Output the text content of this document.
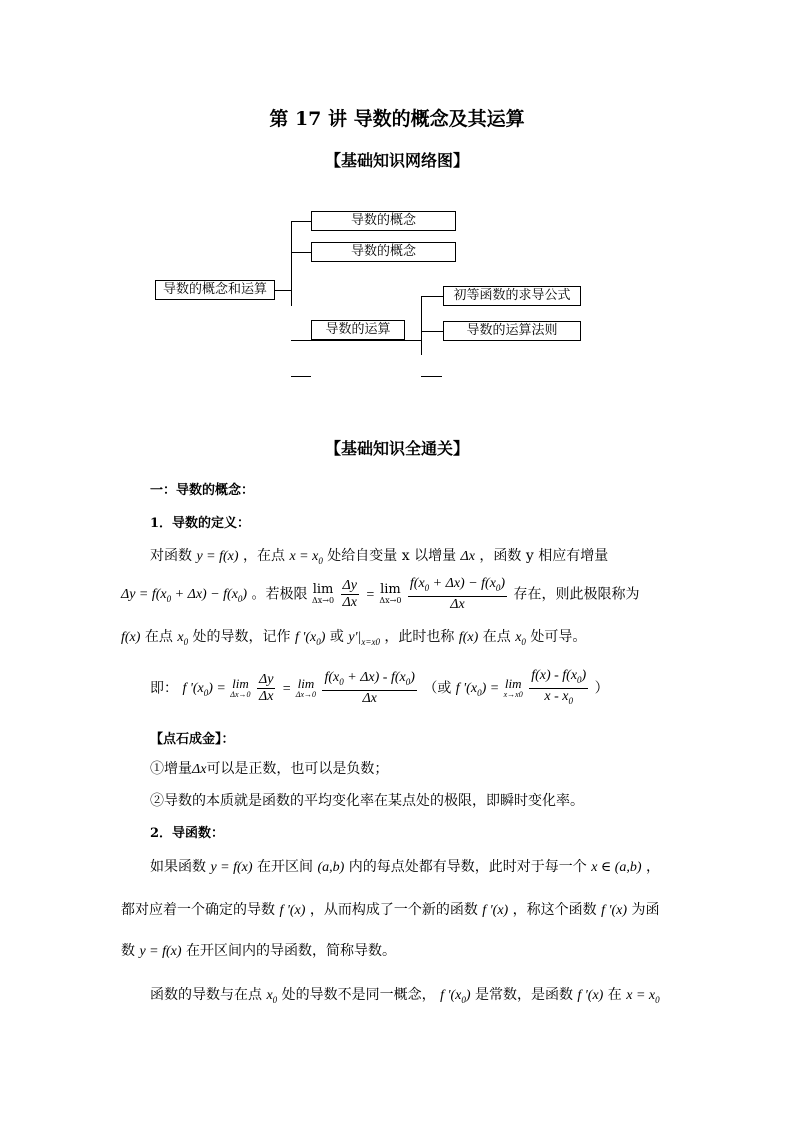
第 17 讲 导数的概念及其运算
【基础知识网络图】
导数的概念和运算
导数的概念
导数的概念
导数的运算
初等函数的求导公式
导数的运算法则
【基础知识全通关】
一：导数的概念：
1．导数的定义：
对函数 y = f(x) ，在点 $x = x_0$ 处给自变量 x 以增量 Δx ，函数 y 相应有增量
$\Delta y = f(x_0 + \Delta x) - f(x_0)$ 。若极限 lim
Δx→0
$\frac{\Delta y}{\Delta x} = \lim$
Δx→0
$\frac{f(x_0 + \Delta x) - f(x_0)}{\Delta x}$ 存在，则此极限称为
f(x) 在点 $x_0$ 处的导数，记作 f '$(x_0)$ 或 $y'|_{x=x0}$ ，此时也称 f(x) 在点 $x_0$ 处可导。
即： f '$(x_0) = \lim$
Δx→0
$\frac{\Delta y}{\Delta x} = \lim$
Δx→0
$\frac{f(x_0 + \Delta x) - f(x_0)}{\Delta x}$ （或 f '$(x_0) = \lim$
x→x0
$\frac{f(x) - f(x_0)}{x - x_0}$ ）
【点石成金】：
①增量Δx可以是正数，也可以是负数；
②导数的本质就是函数的平均变化率在某点处的极限，即瞬时变化率。
2．导函数：
如果函数 y = f(x) 在开区间 (a,b) 内的每点处都有导数，此时对于每一个 x ∈ (a,b) ，
都对应着一个确定的导数 f '(x) ，从而构成了一个新的函数 f '(x) ，称这个函数 f '(x) 为函
数 y = f(x) 在开区间内的导函数，简称导数。
函数的导数与在点 $x_0$ 处的导数不是同一概念， f '$(x_0)$ 是常数，是函数 f '(x) 在 $x = x_0$
